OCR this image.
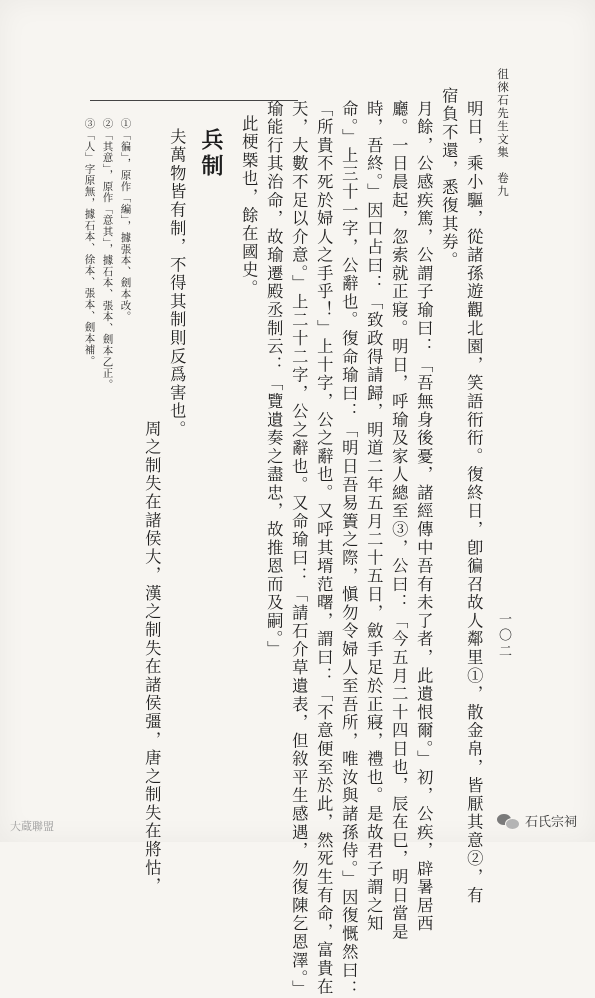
徂徠石先生文集　卷九
一〇二
明日，乘小驅，從諸孫遊觀北園，笑語衎衎。復終日，卽徧召故人鄰里①，散金帛，皆厭其意②，有
宿負不還，悉復其券。
月餘，公感疾篤，公謂子瑜曰：「吾無身後憂，諸經傳中吾有未了者，此遺恨爾。」初，公疾，辟暑居西
廳。一日晨起，忽索就正寢。明日，呼瑜及家人總至③，公曰：「今五月二十四日也，辰在巳，明日當是
時，吾終。」因口占曰：「致政得請歸，明道二年五月二十五日，斂手足於正寢，禮也。是故君子謂之知
命。」上三十一字，公辭也。復命瑜曰：「明日吾易簀之際，愼勿令婦人至吾所，唯汝與諸孫侍。」因復慨然曰：
「所貴不死於婦人之手乎！」上十字，公之辭也。又呼其壻范曙，謂曰：「不意便至於此，然死生有命，富貴在
天，大數不足以介意。」上二十二字，公之辭也。又命瑜曰：「請石介草遺表，但敘平生感遇，勿復陳乞恩澤。」
瑜能行其治命，故瑜遷殿丞制云：「覽遺奏之盡忠，故推恩而及嗣。」
此梗槩也，餘在國史。
兵制
夫萬物皆有制，不得其制則反爲害也。
周之制失在諸侯大，漢之制失在諸侯彊，唐之制失在將怙，
①「徧」，原作「編」，據張本、劍本改。
②「其意」，原作「意其」，據石本、張本、劍本乙正。
③「人」字原無，據石本、徐本、張本、劍本補。
大蔵聯盟	石氏宗祠
